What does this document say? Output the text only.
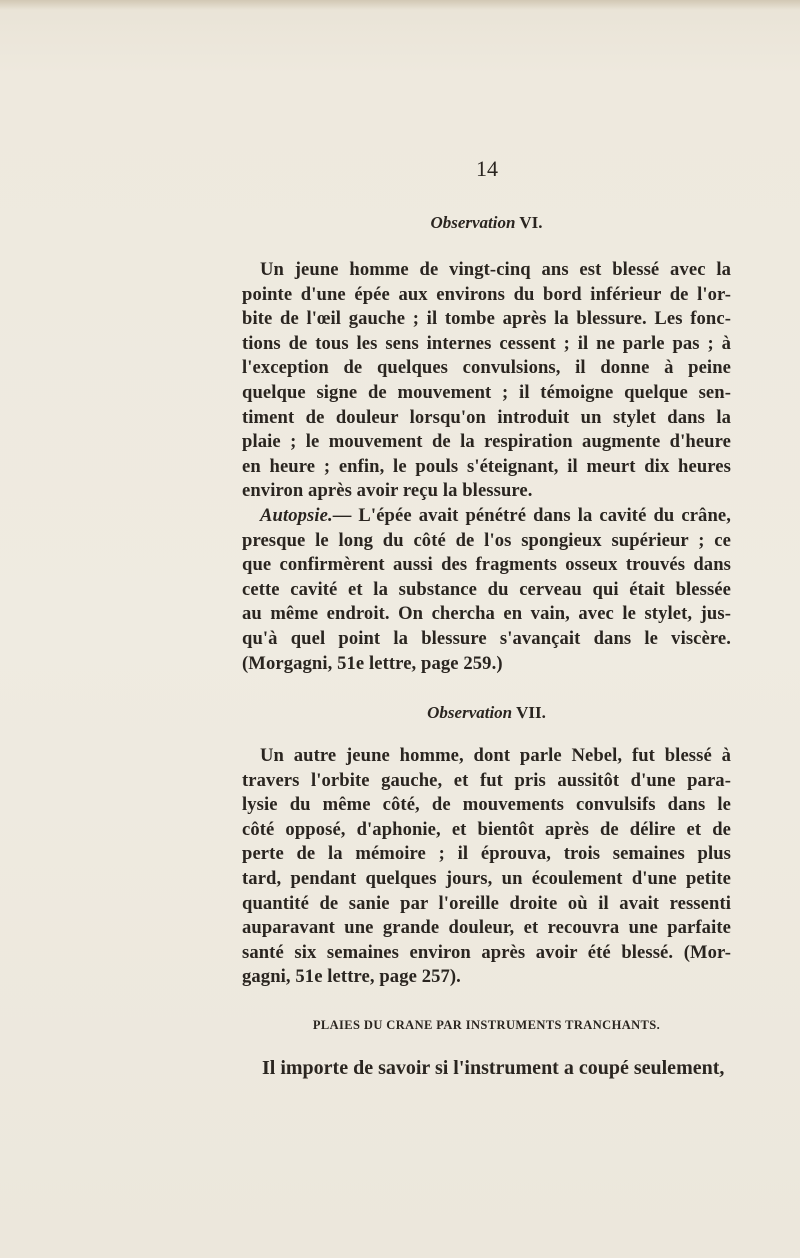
14
Observation VI.
Un jeune homme de vingt-cinq ans est blessé avec la
pointe d'une épée aux environs du bord inférieur de l'or-
bite de l'œil gauche ; il tombe après la blessure. Les fonc-
tions de tous les sens internes cessent ; il ne parle pas ; à
l'exception de quelques convulsions, il donne à peine
quelque signe de mouvement ; il témoigne quelque sen-
timent de douleur lorsqu'on introduit un stylet dans la
plaie ; le mouvement de la respiration augmente d'heure
en heure ; enfin, le pouls s'éteignant, il meurt dix heures
environ après avoir reçu la blessure.
Autopsie.— L'épée avait pénétré dans la cavité du crâne,
presque le long du côté de l'os spongieux supérieur ; ce
que confirmèrent aussi des fragments osseux trouvés dans
cette cavité et la substance du cerveau qui était blessée
au même endroit. On chercha en vain, avec le stylet, jus-
qu'à quel point la blessure s'avançait dans le viscère.
(Morgagni, 51e lettre, page 259.)
Observation VII.
Un autre jeune homme, dont parle Nebel, fut blessé à
travers l'orbite gauche, et fut pris aussitôt d'une para-
lysie du même côté, de mouvements convulsifs dans le
côté opposé, d'aphonie, et bientôt après de délire et de
perte de la mémoire ; il éprouva, trois semaines plus
tard, pendant quelques jours, un écoulement d'une petite
quantité de sanie par l'oreille droite où il avait ressenti
auparavant une grande douleur, et recouvra une parfaite
santé six semaines environ après avoir été blessé. (Mor-
gagni, 51e lettre, page 257).
PLAIES DU CRANE PAR INSTRUMENTS TRANCHANTS.
Il importe de savoir si l'instrument a coupé seulement,
